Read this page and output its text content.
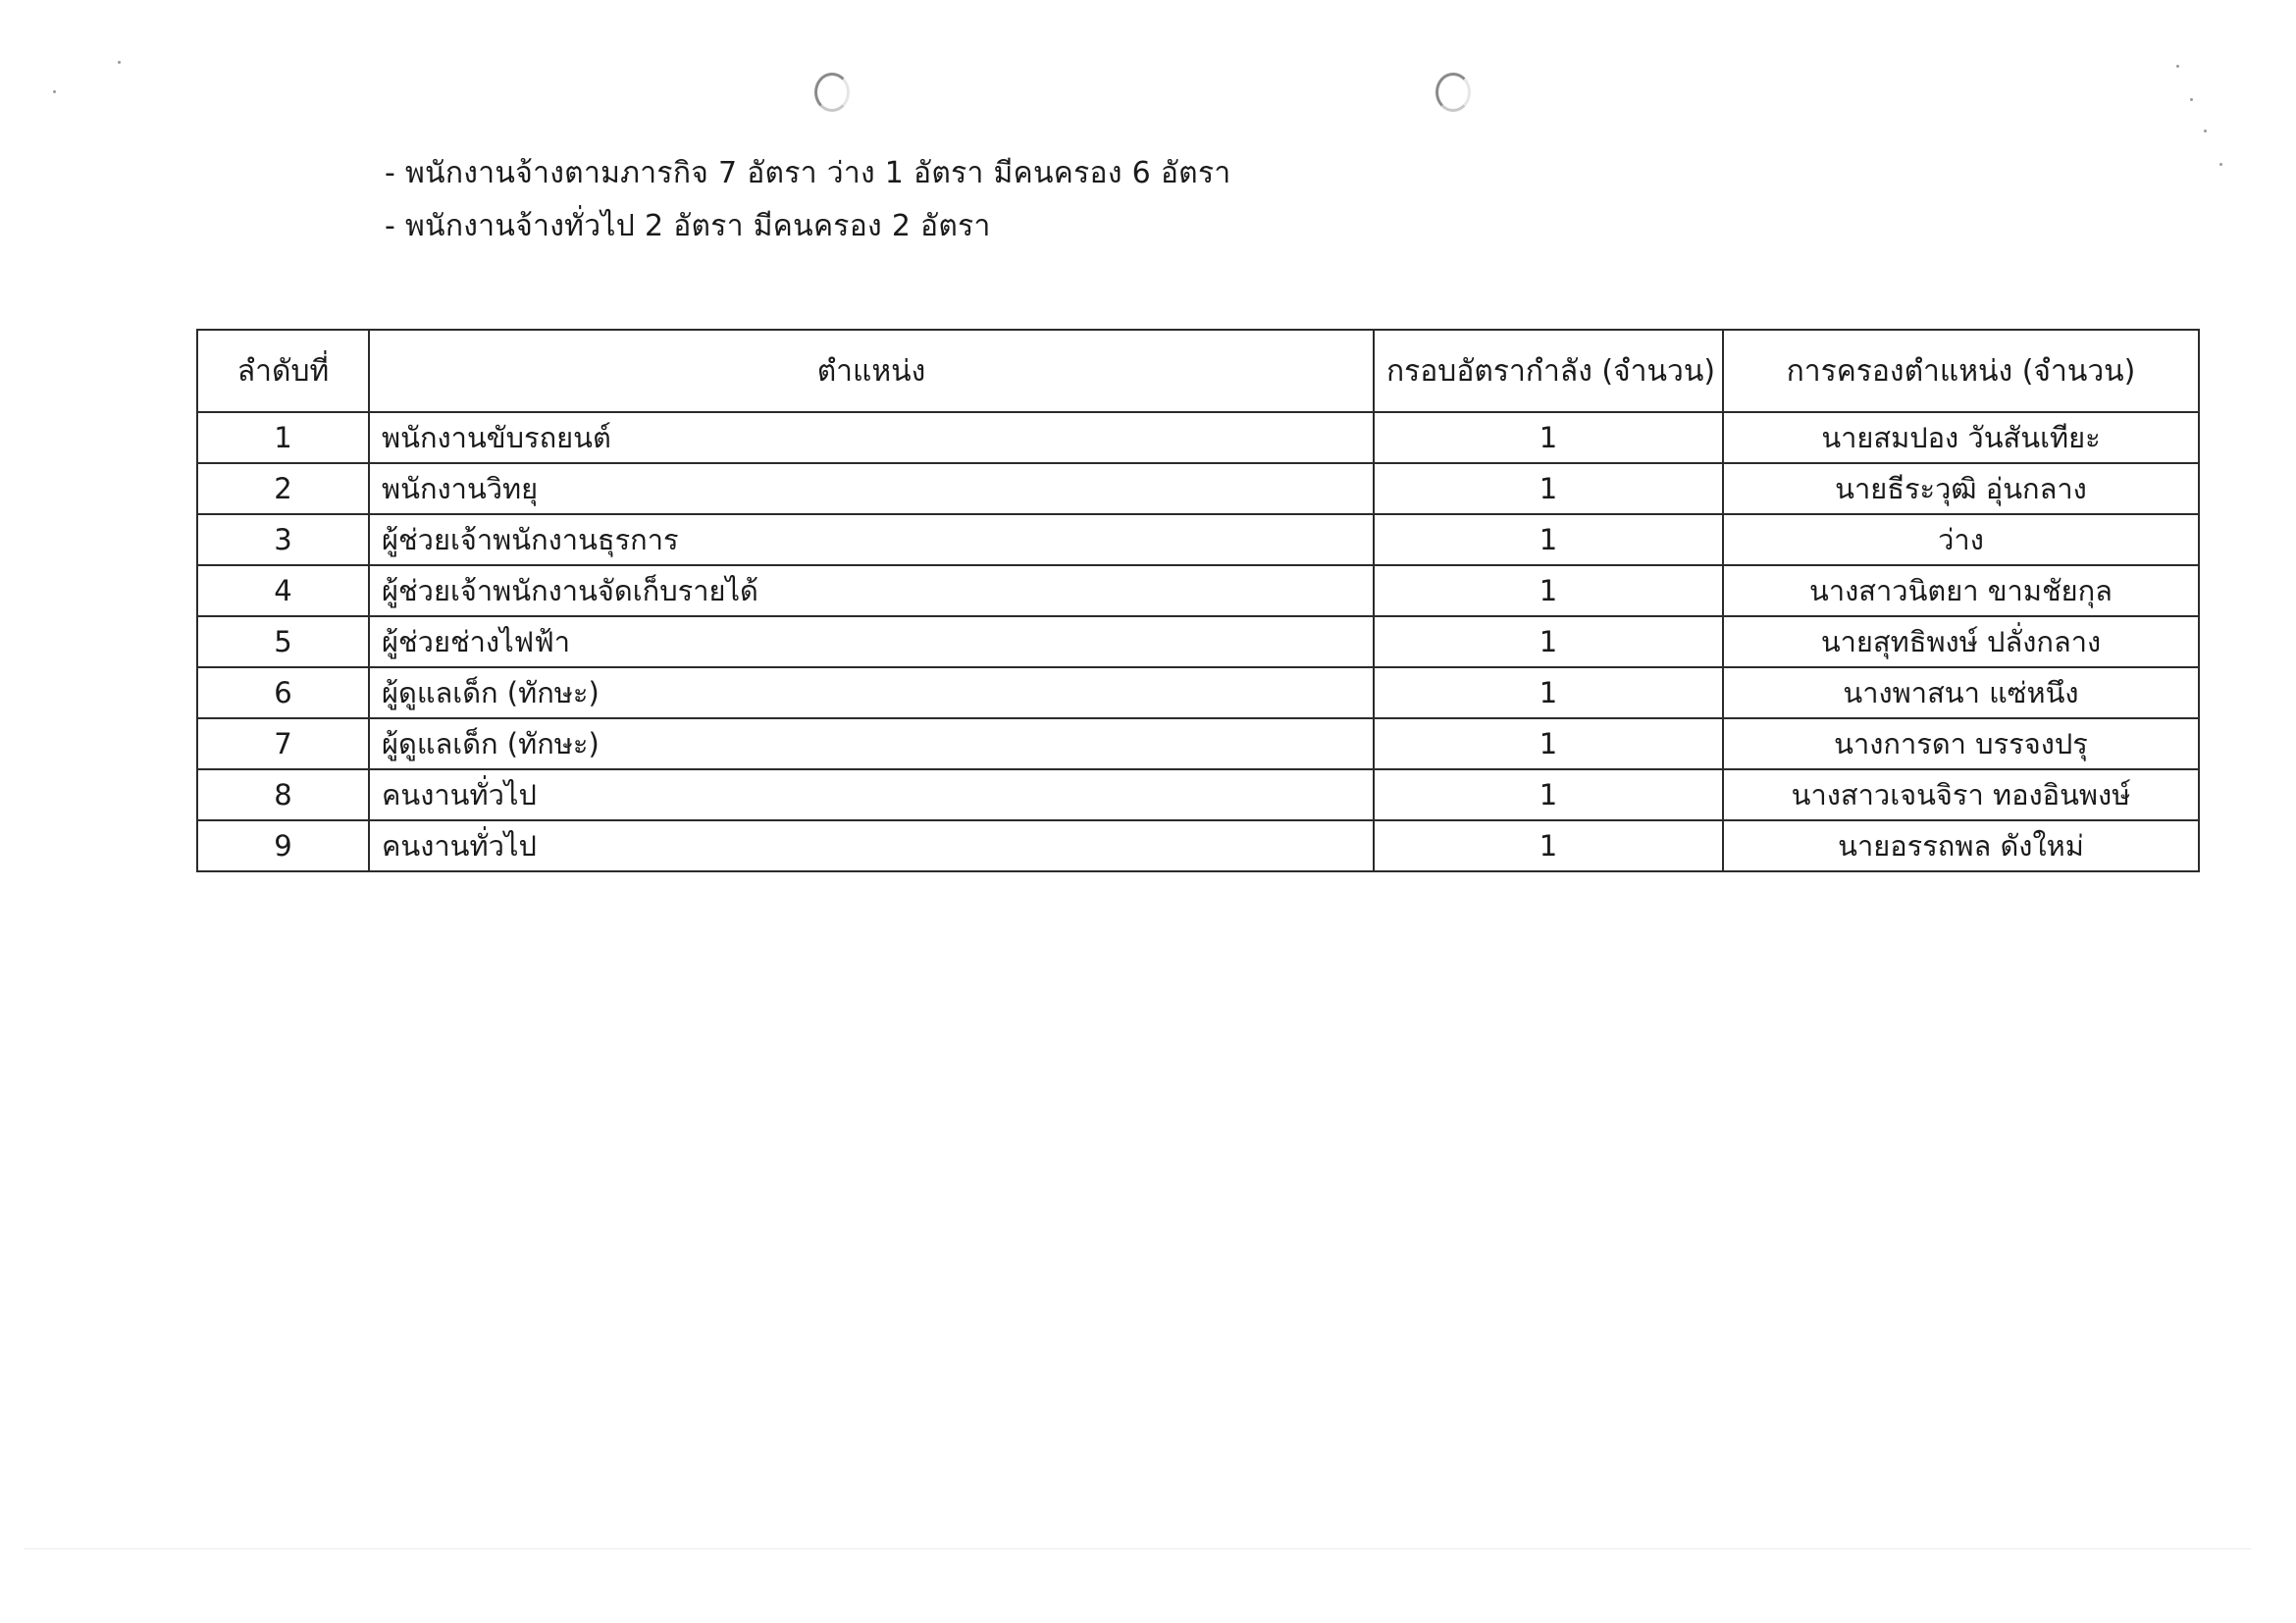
- พนักงานจ้างตามภารกิจ 7 อัตรา ว่าง 1 อัตรา มีคนครอง 6 อัตรา
- พนักงานจ้างทั่วไป 2 อัตรา มีคนครอง 2 อัตรา
ลำดับที่	ตำแหน่ง	กรอบอัตรากำลัง (จำนวน)	การครองตำแหน่ง (จำนวน)
1	พนักงานขับรถยนต์	1	นายสมปอง วันสันเทียะ
2	พนักงานวิทยุ	1	นายธีระวุฒิ อุ่นกลาง
3	ผู้ช่วยเจ้าพนักงานธุรการ	1	ว่าง
4	ผู้ช่วยเจ้าพนักงานจัดเก็บรายได้	1	นางสาวนิตยา ขามชัยกุล
5	ผู้ช่วยช่างไฟฟ้า	1	นายสุทธิพงษ์ ปลั่งกลาง
6	ผู้ดูแลเด็ก (ทักษะ)	1	นางพาสนา แซ่หนึง
7	ผู้ดูแลเด็ก (ทักษะ)	1	นางการดา บรรจงปรุ
8	คนงานทั่วไป	1	นางสาวเจนจิรา ทองอินพงษ์
9	คนงานทั่วไป	1	นายอรรถพล ดังใหม่
